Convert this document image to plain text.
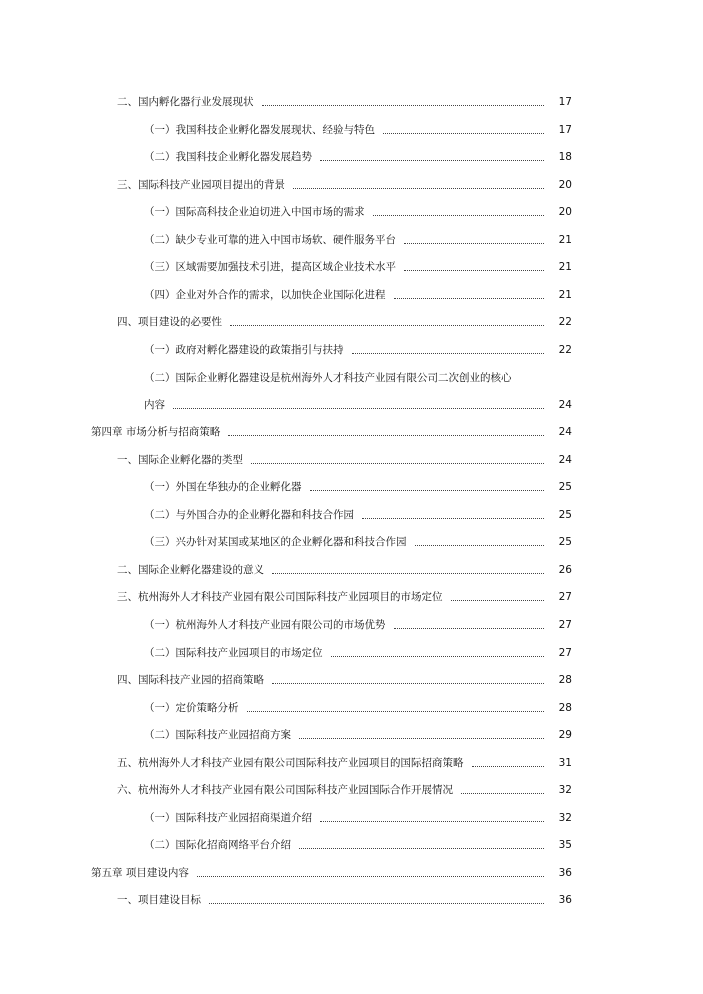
二、国内孵化器行业发展现状	17
（一）我国科技企业孵化器发展现状、经验与特色	17
（二）我国科技企业孵化器发展趋势	18
三、国际科技产业园项目提出的背景	20
（一）国际高科技企业迫切进入中国市场的需求	20
（二）缺少专业可靠的进入中国市场软、硬件服务平台	21
（三）区域需要加强技术引进，提高区域企业技术水平	21
（四）企业对外合作的需求，以加快企业国际化进程	21
四、项目建设的必要性	22
（一）政府对孵化器建设的政策指引与扶持	22
（二）国际企业孵化器建设是杭州海外人才科技产业园有限公司二次创业的核心
内容	24
第四章 市场分析与招商策略	24
一、国际企业孵化器的类型	24
（一）外国在华独办的企业孵化器	25
（二）与外国合办的企业孵化器和科技合作园	25
（三）兴办针对某国或某地区的企业孵化器和科技合作园	25
二、国际企业孵化器建设的意义	26
三、杭州海外人才科技产业园有限公司国际科技产业园项目的市场定位	27
（一）杭州海外人才科技产业园有限公司的市场优势	27
（二）国际科技产业园项目的市场定位	27
四、国际科技产业园的招商策略	28
（一）定价策略分析	28
（二）国际科技产业园招商方案	29
五、杭州海外人才科技产业园有限公司国际科技产业园项目的国际招商策略	31
六、杭州海外人才科技产业园有限公司国际科技产业园国际合作开展情况	32
（一）国际科技产业园招商渠道介绍	32
（二）国际化招商网络平台介绍	35
第五章 项目建设内容	36
一、项目建设目标	36
